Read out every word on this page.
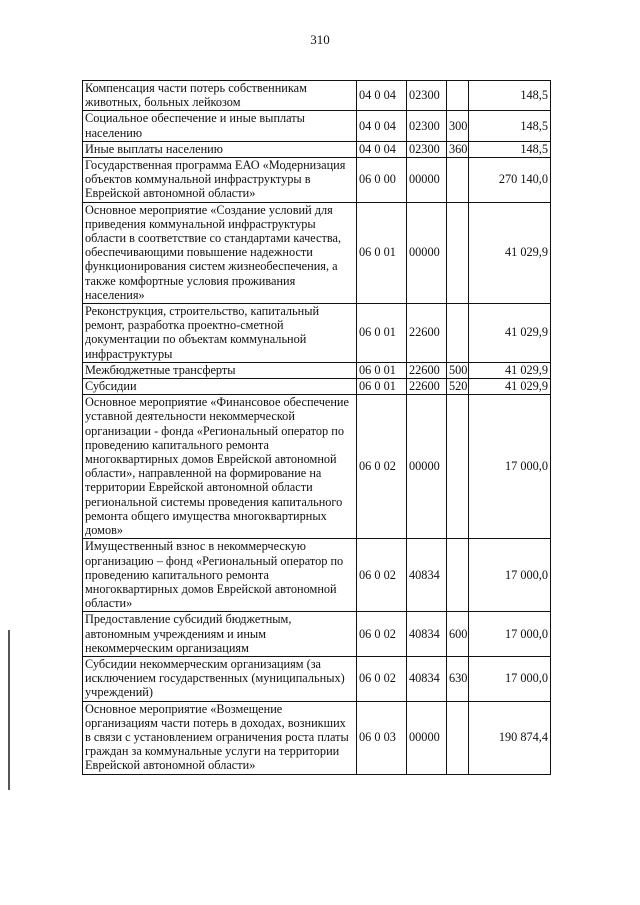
310
Компенсация части потерь собственникам животных, больных лейкозом	04 0 04	02300		148,5
Социальное обеспечение и иные выплаты населению	04 0 04	02300	300	148,5
Иные выплаты населению	04 0 04	02300	360	148,5
Государственная программа ЕАО «Модернизация объектов коммунальной инфраструктуры в Еврейской автономной области»	06 0 00	00000		270 140,0
Основное мероприятие «Создание условий для приведения коммунальной инфраструктуры области в соответствие со стандартами качества, обеспечивающими повышение надежности функционирования систем жизнеобеспечения, а также комфортные условия проживания населения»	06 0 01	00000		41 029,9
Реконструкция, строительство, капитальный ремонт, разработка проектно-сметной документации по объектам коммунальной инфраструктуры	06 0 01	22600		41 029,9
Межбюджетные трансферты	06 0 01	22600	500	41 029,9
Субсидии	06 0 01	22600	520	41 029,9
Основное мероприятие «Финансовое обеспечение уставной деятельности некоммерческой организации - фонда «Региональный оператор по проведению капитального ремонта многоквартирных домов Еврейской автономной области», направленной на формирование на территории Еврейской автономной области региональной системы проведения капитального ремонта общего имущества многоквартирных домов»	06 0 02	00000		17 000,0
Имущественный взнос в некоммерческую организацию – фонд «Региональный оператор по проведению капитального ремонта многоквартирных домов Еврейской автономной области»	06 0 02	40834		17 000,0
Предоставление субсидий бюджетным, автономным учреждениям и иным некоммерческим организациям	06 0 02	40834	600	17 000,0
Субсидии некоммерческим организациям (за исключением государственных (муниципальных) учреждений)	06 0 02	40834	630	17 000,0
Основное мероприятие «Возмещение организациям части потерь в доходах, возникших в связи с установлением ограничения роста платы граждан за коммунальные услуги на территории Еврейской автономной области»	06 0 03	00000		190 874,4
